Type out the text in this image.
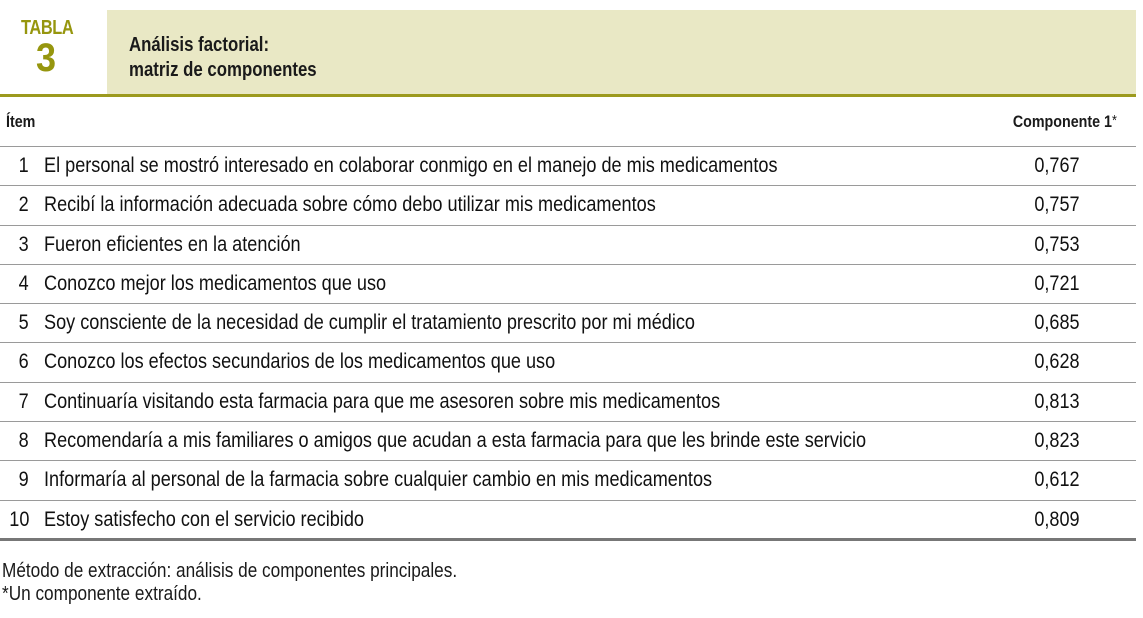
TABLA
3	Análisis factorial:
matriz de componentes
Ítem	Componente 1*
1 El personal se mostró interesado en colaborar conmigo en el manejo de mis medicamentos	0,767
2 Recibí la información adecuada sobre cómo debo utilizar mis medicamentos	0,757
3 Fueron eficientes en la atención	0,753
4 Conozco mejor los medicamentos que uso	0,721
5 Soy consciente de la necesidad de cumplir el tratamiento prescrito por mi médico	0,685
6 Conozco los efectos secundarios de los medicamentos que uso	0,628
7 Continuaría visitando esta farmacia para que me asesoren sobre mis medicamentos	0,813
8 Recomendaría a mis familiares o amigos que acudan a esta farmacia para que les brinde este servicio	0,823
9 Informaría al personal de la farmacia sobre cualquier cambio en mis medicamentos	0,612
10 Estoy satisfecho con el servicio recibido	0,809
Método de extracción: análisis de componentes principales.
*Un componente extraído.
